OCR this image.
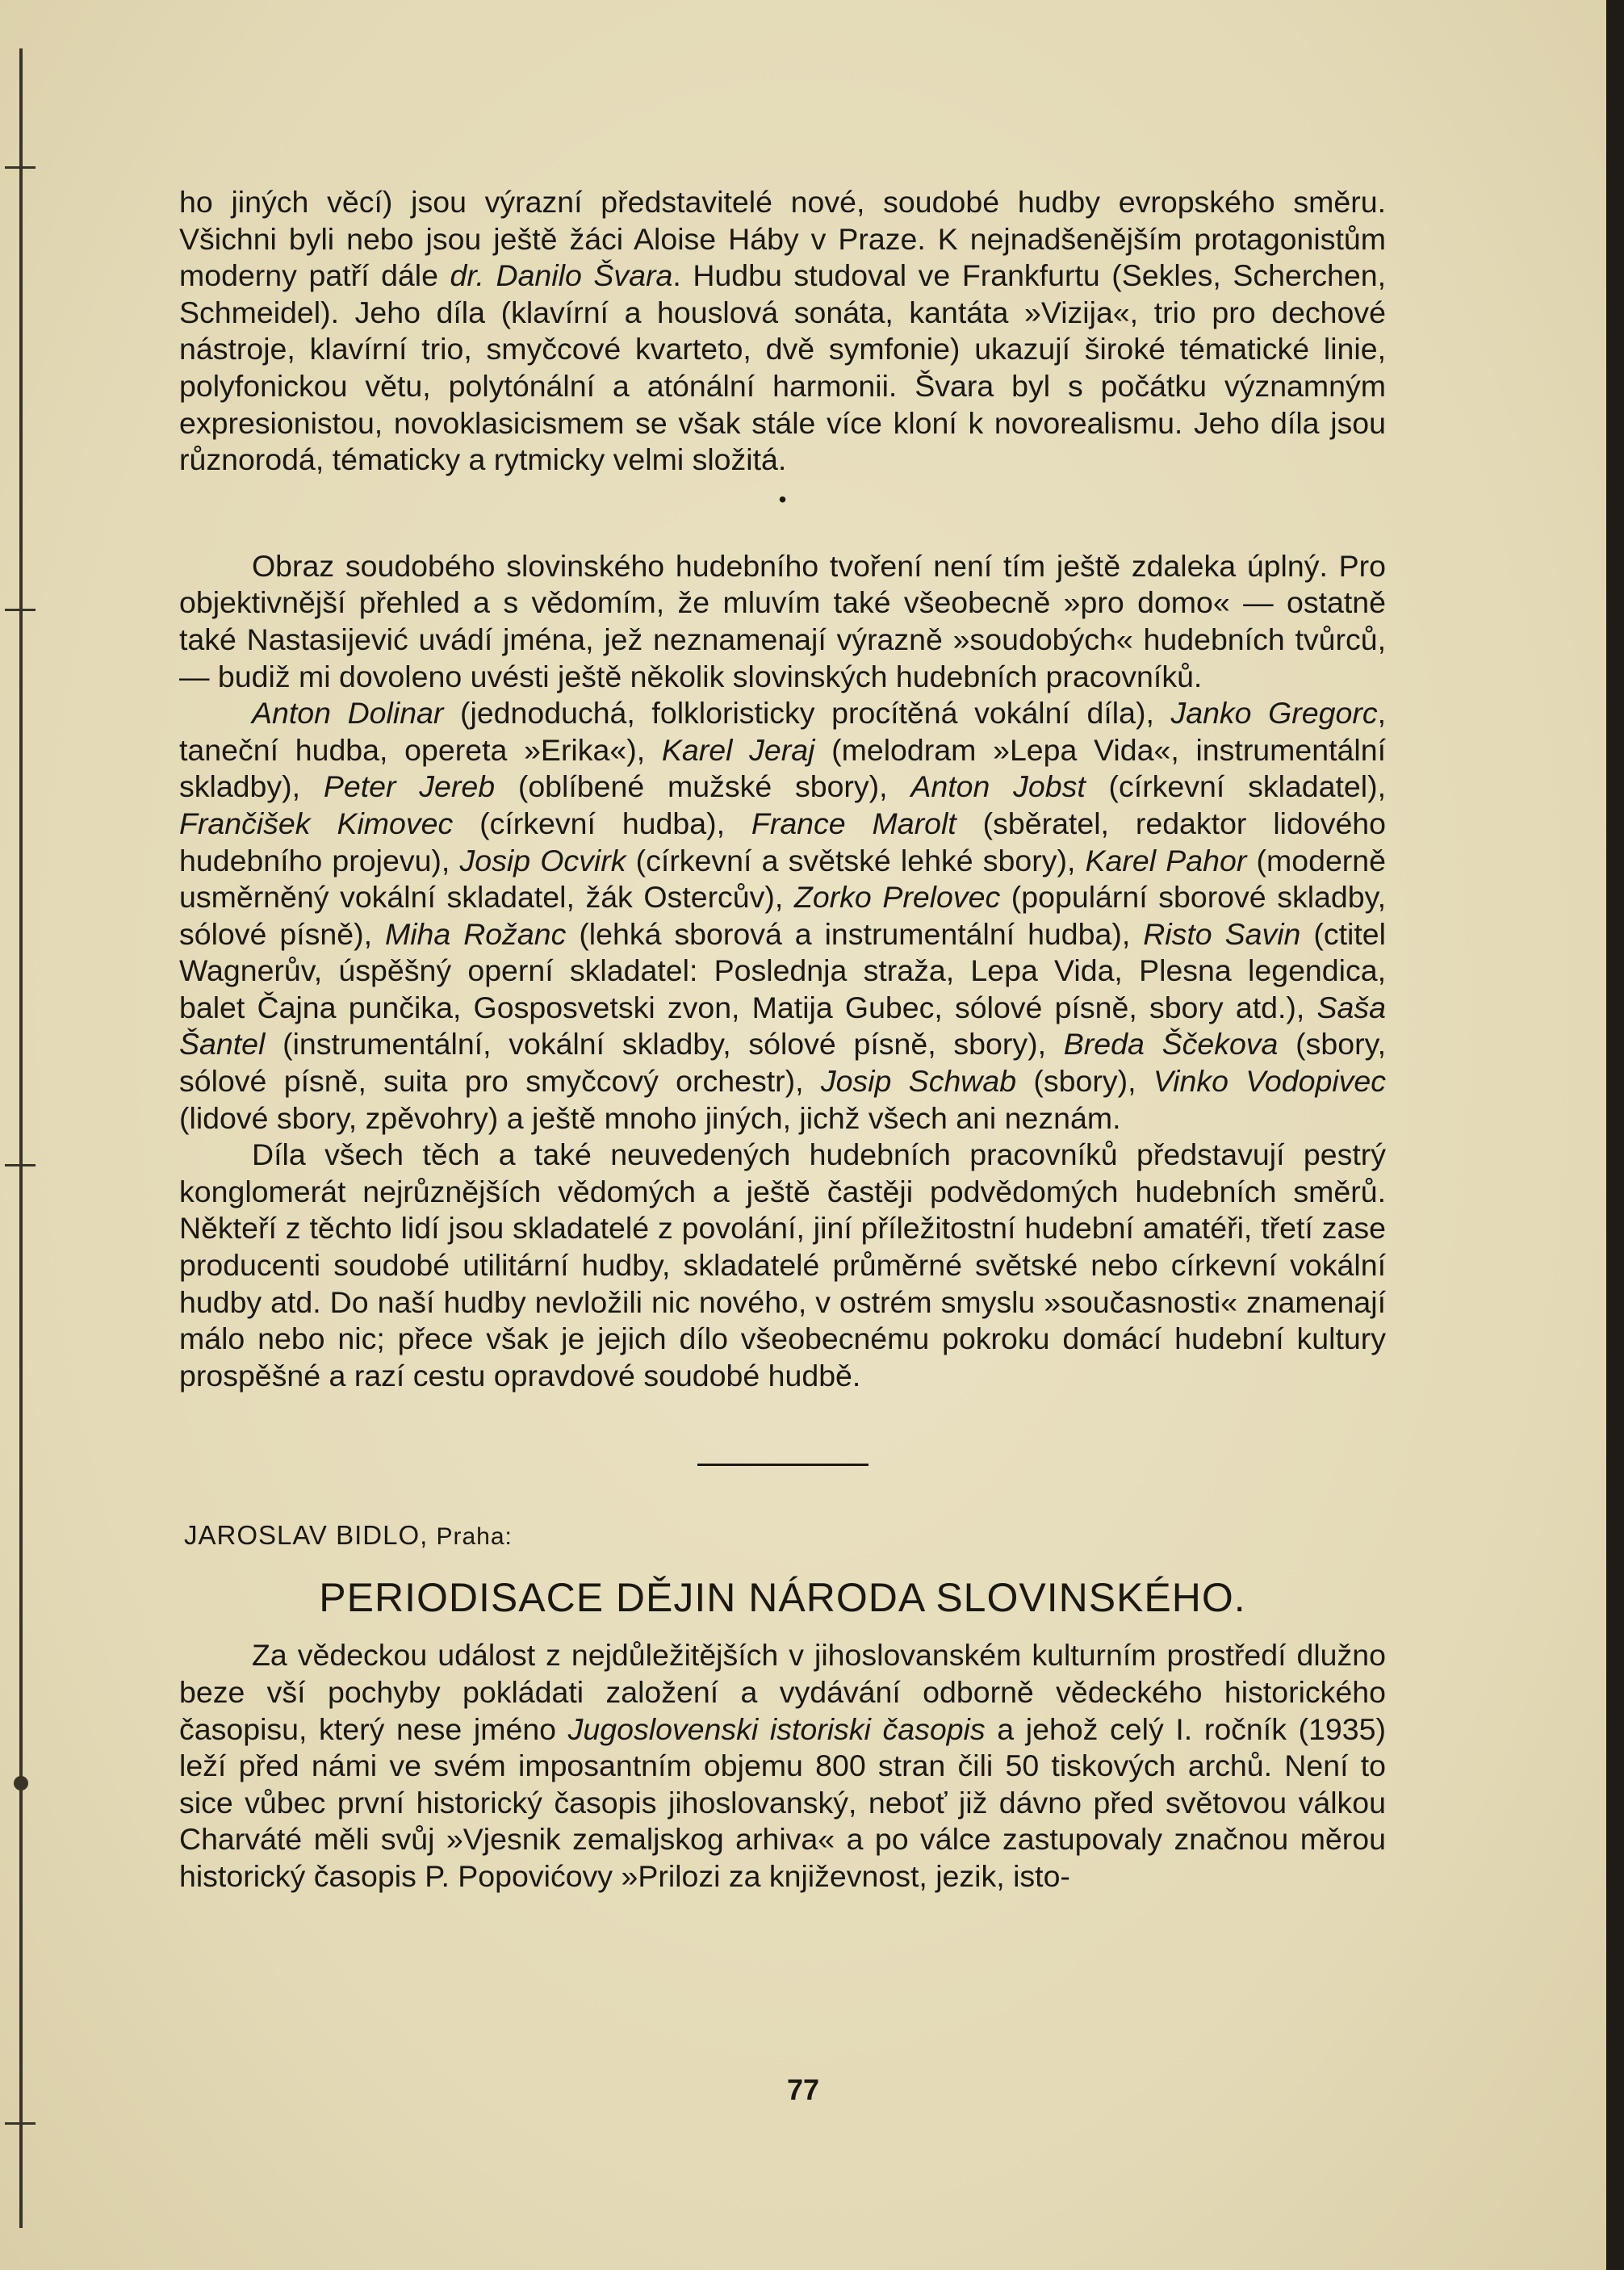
ho jiných věcí) jsou výrazní představitelé nové, soudobé hudby evropského směru. Všichni byli nebo jsou ještě žáci Aloise Háby v Praze. K nejnadšenějším protagonistům moderny patří dále dr. Danilo Švara. Hudbu studoval ve Frankfurtu (Sekles, Scherchen, Schmeidel). Jeho díla (klavírní a houslová sonáta, kantáta »Vizija«, trio pro dechové nástroje, klavírní trio, smyčcové kvarteto, dvě symfonie) ukazují široké tématické linie, polyfonickou větu, polytónální a atónální harmonii. Švara byl s počátku významným expresionistou, novoklasicismem se však stále více kloní k novorealismu. Jeho díla jsou různorodá, tématicky a rytmicky velmi složitá.

•

Obraz soudobého slovinského hudebního tvoření není tím ještě zdaleka úplný. Pro objektivnější přehled a s vědomím, že mluvím také všeobecně »pro domo« — ostatně také Nastasijević uvádí jména, jež neznamenají výrazně »soudobých« hudebních tvůrců, — budiž mi dovoleno uvésti ještě několik slovinských hudebních pracovníků.

Anton Dolinar (jednoduchá, folkloristicky procítěná vokální díla), Janko Gregorc, taneční hudba, opereta »Erika«), Karel Jeraj (melodram »Lepa Vida«, instrumentální skladby), Peter Jereb (oblíbené mužské sbory), Anton Jobst (církevní skladatel), Frančišek Kimovec (církevní hudba), France Marolt (sběratel, redaktor lidového hudebního projevu), Josip Ocvirk (církevní a světské lehké sbory), Karel Pahor (moderně usměrněný vokální skladatel, žák Ostercův), Zorko Prelovec (populární sborové skladby, sólové písně), Miha Rožanc (lehká sborová a instrumentální hudba), Risto Savin (ctitel Wagnerův, úspěšný operní skladatel: Poslednja straža, Lepa Vida, Plesna legendica, balet Čajna punčika, Gosposvetski zvon, Matija Gubec, sólové písně, sbory atd.), Saša Šantel (instrumentální, vokální skladby, sólové písně, sbory), Breda Ščekova (sbory, sólové písně, suita pro smyčcový orchestr), Josip Schwab (sbory), Vinko Vodopivec (lidové sbory, zpěvohry) a ještě mnoho jiných, jichž všech ani neznám.

Díla všech těch a také neuvedených hudebních pracovníků představují pestrý konglomerát nejrůznějších vědomých a ještě častěji podvědomých hudebních směrů. Někteří z těchto lidí jsou skladatelé z povolání, jiní příležitostní hudební amatéři, třetí zase producenti soudobé utilitární hudby, skladatelé průměrné světské nebo církevní vokální hudby atd. Do naší hudby nevložili nic nového, v ostrém smyslu »současnosti« znamenají málo nebo nic; přece však je jejich dílo všeobecnému pokroku domácí hudební kultury prospěšné a razí cestu opravdové soudobé hudbě.

JAROSLAV BIDLO, Praha:
PERIODISACE DĚJIN NÁRODA SLOVINSKÉHO.

Za vědeckou událost z nejdůležitějších v jihoslovanském kulturním prostředí dlužno beze vší pochyby pokládati založení a vydávání odborně vědeckého historického časopisu, který nese jméno Jugoslovenski istoriski časopis a jehož celý I. ročník (1935) leží před námi ve svém imposantním objemu 800 stran čili 50 tiskových archů. Není to sice vůbec první historický časopis jihoslovanský, neboť již dávno před světovou válkou Charváté měli svůj »Vjesnik zemaljskog arhiva« a po válce zastupovaly značnou měrou historický časopis P. Popovićovy »Prilozi za književnost, jezik, isto-

77
